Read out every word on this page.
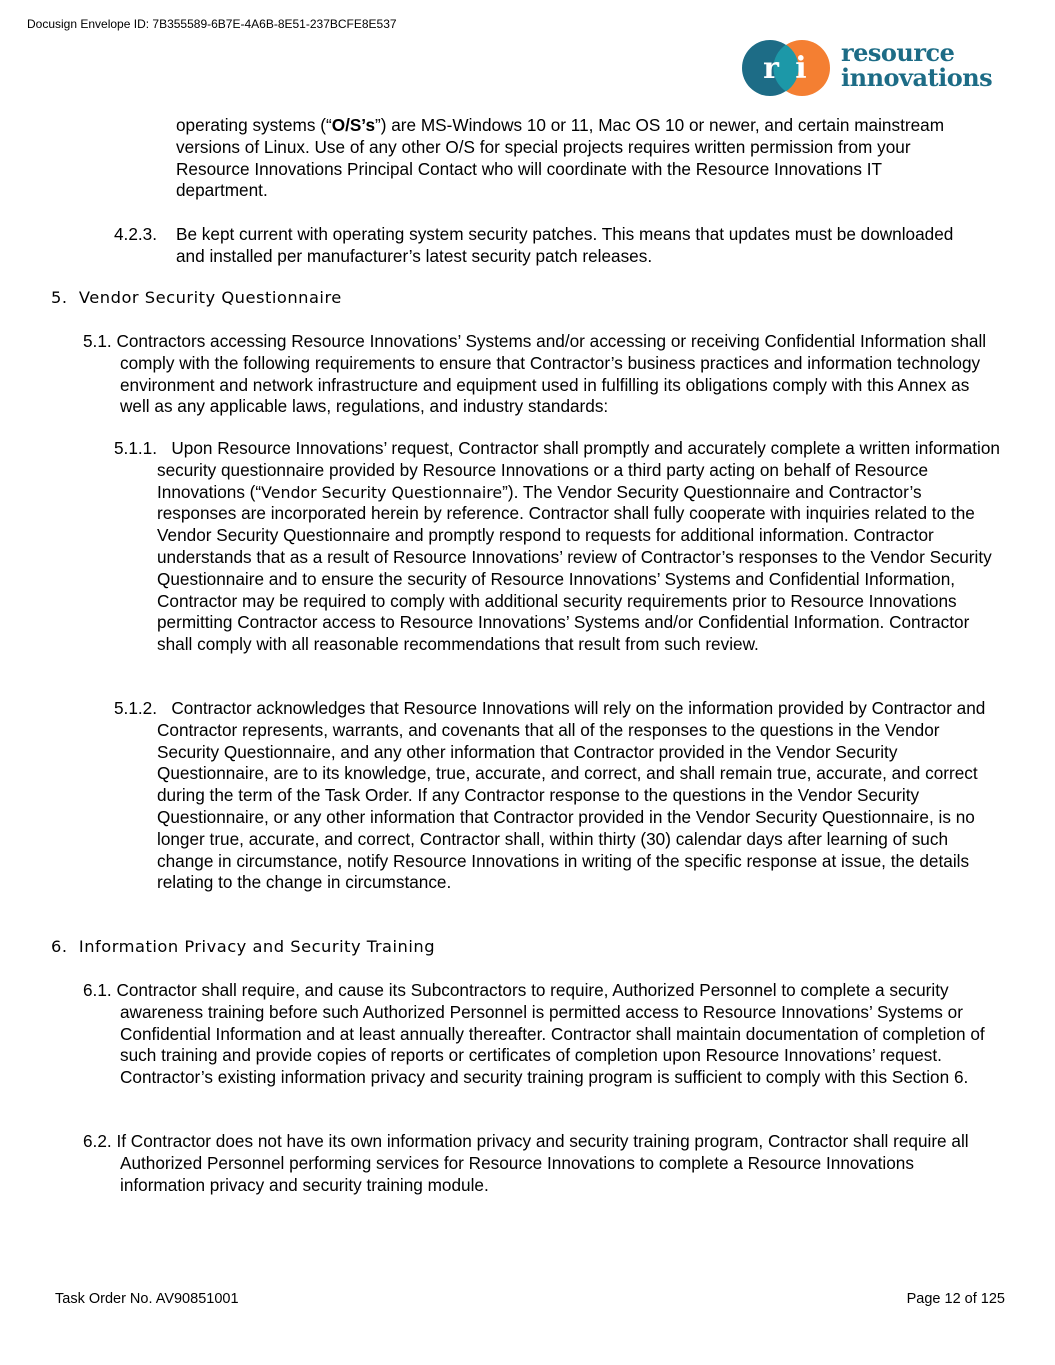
Docusign Envelope ID: 7B355589-6B7E-4A6B-8E51-237BCFE8E537
r i resource
innovations

operating systems (“O/S’s”) are MS-Windows 10 or 11, Mac OS 10 or newer, and certain mainstream versions of Linux. Use of any other O/S for special projects requires written permission from your Resource Innovations Principal Contact who will coordinate with the Resource Innovations IT department.

4.2.3. Be kept current with operating system security patches. This means that updates must be downloaded and installed per manufacturer’s latest security patch releases.

5. Vendor Security Questionnaire

5.1. Contractors accessing Resource Innovations’ Systems and/or accessing or receiving Confidential Information shall comply with the following requirements to ensure that Contractor’s business practices and information technology environment and network infrastructure and equipment used in fulfilling its obligations comply with this Annex as well as any applicable laws, regulations, and industry standards:

5.1.1. Upon Resource Innovations’ request, Contractor shall promptly and accurately complete a written information security questionnaire provided by Resource Innovations or a third party acting on behalf of Resource Innovations (“Vendor Security Questionnaire”). The Vendor Security Questionnaire and Contractor’s responses are incorporated herein by reference. Contractor shall fully cooperate with inquiries related to the Vendor Security Questionnaire and promptly respond to requests for additional information. Contractor understands that as a result of Resource Innovations’ review of Contractor’s responses to the Vendor Security Questionnaire and to ensure the security of Resource Innovations’ Systems and Confidential Information, Contractor may be required to comply with additional security requirements prior to Resource Innovations permitting Contractor access to Resource Innovations’ Systems and/or Confidential Information. Contractor shall comply with all reasonable recommendations that result from such review.

5.1.2. Contractor acknowledges that Resource Innovations will rely on the information provided by Contractor and Contractor represents, warrants, and covenants that all of the responses to the questions in the Vendor Security Questionnaire, and any other information that Contractor provided in the Vendor Security Questionnaire, are to its knowledge, true, accurate, and correct, and shall remain true, accurate, and correct during the term of the Task Order. If any Contractor response to the questions in the Vendor Security Questionnaire, or any other information that Contractor provided in the Vendor Security Questionnaire, is no longer true, accurate, and correct, Contractor shall, within thirty (30) calendar days after learning of such change in circumstance, notify Resource Innovations in writing of the specific response at issue, the details relating to the change in circumstance.

6. Information Privacy and Security Training

6.1. Contractor shall require, and cause its Subcontractors to require, Authorized Personnel to complete a security awareness training before such Authorized Personnel is permitted access to Resource Innovations’ Systems or Confidential Information and at least annually thereafter. Contractor shall maintain documentation of completion of such training and provide copies of reports or certificates of completion upon Resource Innovations’ request. Contractor’s existing information privacy and security training program is sufficient to comply with this Section 6.

6.2. If Contractor does not have its own information privacy and security training program, Contractor shall require all Authorized Personnel performing services for Resource Innovations to complete a Resource Innovations information privacy and security training module.

Task Order No. AV90851001	Page 12 of 125
